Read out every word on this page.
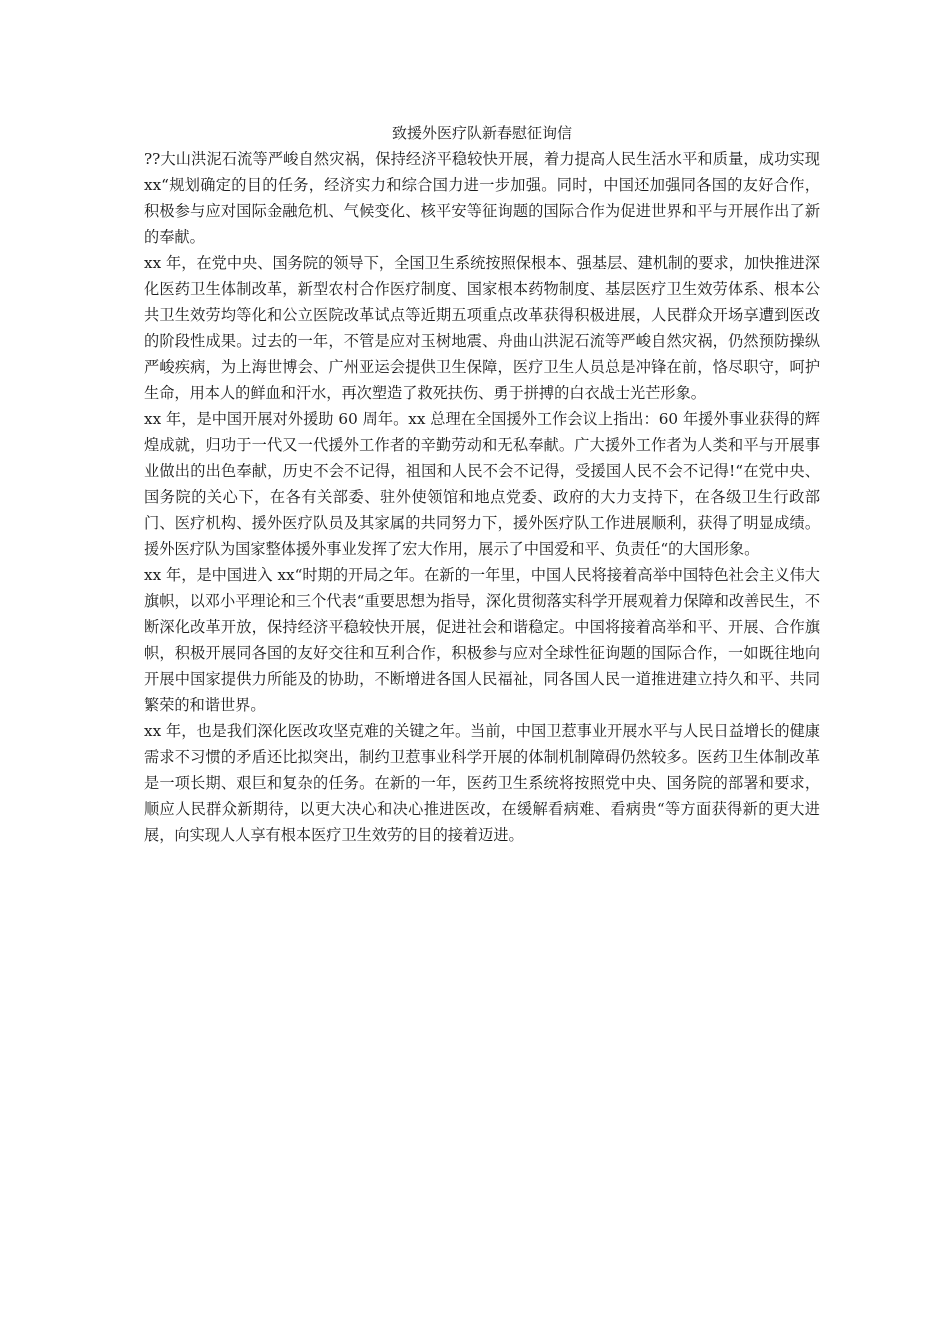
致援外医疗队新春慰征询信

??大山洪泥石流等严峻自然灾祸，保持经济平稳较快开展，着力提高人民生活水平和质量，成功实现 xx“规划确定的目的任务，经济实力和综合国力进一步加强。同时，中国还加强同各国的友好合作，积极参与应对国际金融危机、气候变化、核平安等征询题的国际合作为促进世界和平与开展作出了新的奉献。

xx 年，在党中央、国务院的领导下，全国卫生系统按照保根本、强基层、建机制的要求，加快推进深化医药卫生体制改革，新型农村合作医疗制度、国家根本药物制度、基层医疗卫生效劳体系、根本公共卫生效劳均等化和公立医院改革试点等近期五项重点改革获得积极进展，人民群众开场享遭到医改的阶段性成果。过去的一年，不管是应对玉树地震、舟曲山洪泥石流等严峻自然灾祸，仍然预防操纵严峻疾病，为上海世博会、广州亚运会提供卫生保障，医疗卫生人员总是冲锋在前，恪尽职守，呵护生命，用本人的鲜血和汗水，再次塑造了救死扶伤、勇于拼搏的白衣战士光芒形象。

xx 年，是中国开展对外援助 60 周年。xx 总理在全国援外工作会议上指出：60 年援外事业获得的辉煌成就，归功于一代又一代援外工作者的辛勤劳动和无私奉献。广大援外工作者为人类和平与开展事业做出的出色奉献，历史不会不记得，祖国和人民不会不记得，受援国人民不会不记得!“在党中央、国务院的关心下，在各有关部委、驻外使领馆和地点党委、政府的大力支持下，在各级卫生行政部门、医疗机构、援外医疗队员及其家属的共同努力下，援外医疗队工作进展顺利，获得了明显成绩。援外医疗队为国家整体援外事业发挥了宏大作用，展示了中国爱和平、负责任“的大国形象。

xx 年，是中国进入 xx“时期的开局之年。在新的一年里，中国人民将接着高举中国特色社会主义伟大旗帜，以邓小平理论和三个代表“重要思想为指导，深化贯彻落实科学开展观着力保障和改善民生，不断深化改革开放，保持经济平稳较快开展，促进社会和谐稳定。中国将接着高举和平、开展、合作旗帜，积极开展同各国的友好交往和互利合作，积极参与应对全球性征询题的国际合作，一如既往地向开展中国家提供力所能及的协助，不断增进各国人民福祉，同各国人民一道推进建立持久和平、共同繁荣的和谐世界。

xx 年，也是我们深化医改攻坚克难的关键之年。当前，中国卫惹事业开展水平与人民日益增长的健康需求不习惯的矛盾还比拟突出，制约卫惹事业科学开展的体制机制障碍仍然较多。医药卫生体制改革是一项长期、艰巨和复杂的任务。在新的一年，医药卫生系统将按照党中央、国务院的部署和要求，顺应人民群众新期待，以更大决心和决心推进医改，在缓解看病难、看病贵“等方面获得新的更大进展，向实现人人享有根本医疗卫生效劳的目的接着迈进。
